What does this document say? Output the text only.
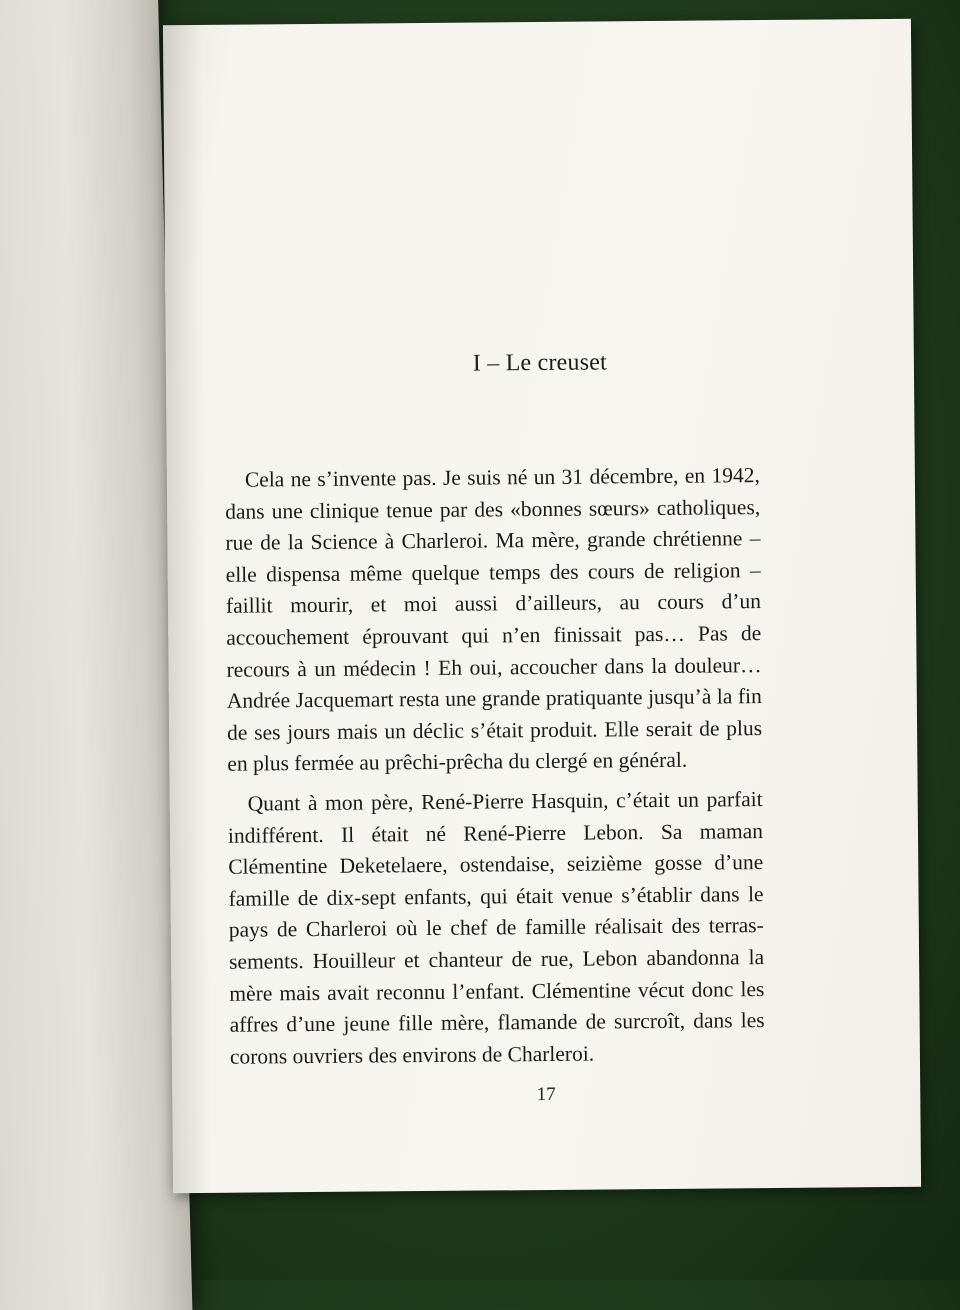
I – Le creuset

Cela ne s’invente pas. Je suis né un 31 décembre, en 1942, dans une clinique tenue par des «bonnes sœurs» catholiques, rue de la Science à Charleroi. Ma mère, grande chrétienne – elle dispensa même quelque temps des cours de religion – faillit mourir, et moi aussi d’ailleurs, au cours d’un accouchement éprouvant qui n’en finissait pas… Pas de recours à un médecin ! Eh oui, accoucher dans la douleur… Andrée Jacquemart resta une grande pratiquante jusqu’à la fin de ses jours mais un déclic s’était produit. Elle serait de plus en plus fermée au prêchi-prêcha du clergé en général.

Quant à mon père, René-Pierre Hasquin, c’était un parfait indifférent. Il était né René-Pierre Lebon. Sa maman Clémentine Deketelaere, ostendaise, seizième gosse d’une famille de dix-sept enfants, qui était venue s’établir dans le pays de Charleroi où le chef de famille réalisait des terrassements. Houilleur et chanteur de rue, Lebon abandonna la mère mais avait reconnu l’enfant. Clémentine vécut donc les affres d’une jeune fille mère, flamande de surcroît, dans les corons ouvriers des environs de Charleroi.

17
